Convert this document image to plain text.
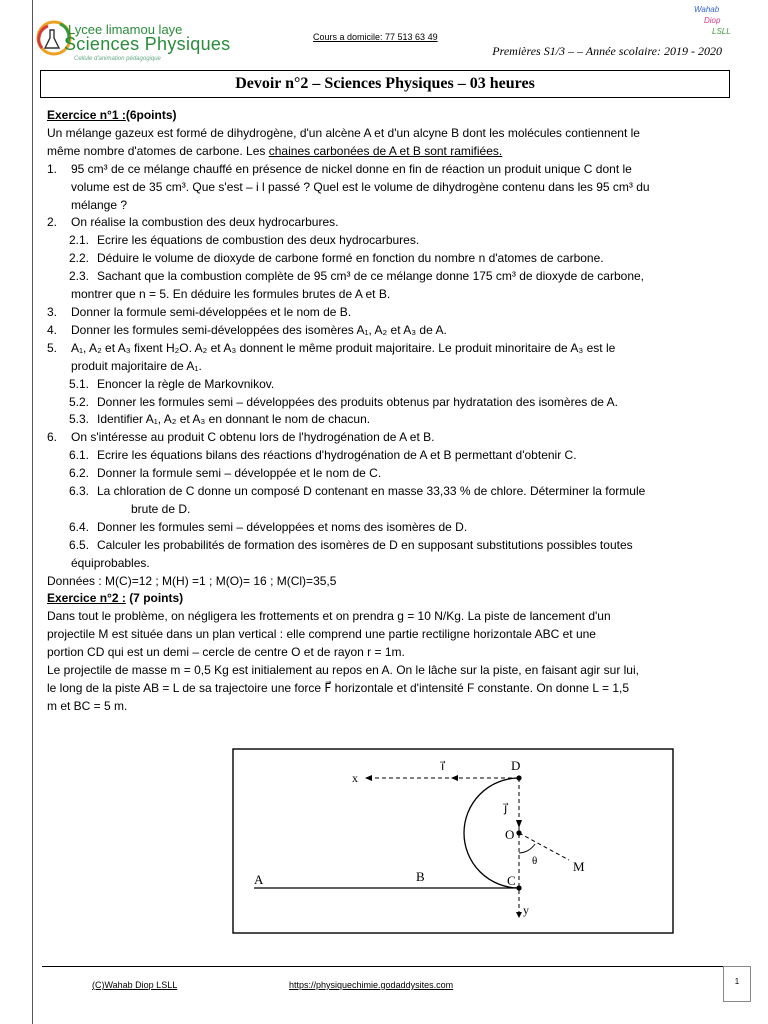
Lycee limamou laye
Sciences Physiques
Cellule d'animation pédagogique
Cours a domicile: 77 513 63 49
Wahab
Diop
LSLL
Premières S1/3 – – Année scolaire: 2019 - 2020
Devoir n°2 – Sciences Physiques – 03 heures

Exercice n°1 :(6points)

Un mélange gazeux est formé de dihydrogène, d'un alcène A et d'un alcyne B dont les molécules contiennent le

même nombre d'atomes de carbone. Les chaines carbonées de A et B sont ramifiées.

1.	95 cm³ de ce mélange chauffé en présence de nickel donne en fin de réaction un produit unique C dont le

volume est de 35 cm³. Que s'est – i l passé ? Quel est le volume de dihydrogène contenu dans les 95 cm³ du

mélange ?

2.	On réalise la combustion des deux hydrocarbures.

2.1. Ecrire les équations de combustion des deux hydrocarbures.

2.2. Déduire le volume de dioxyde de carbone formé en fonction du nombre n d'atomes de carbone.

2.3. Sachant que la combustion complète de 95 cm³ de ce mélange donne 175 cm³ de dioxyde de carbone,

montrer que n = 5. En déduire les formules brutes de A et B.

3.	Donner la formule semi-développées et le nom de B.
4.	Donner les formules semi-développées des isomères A₁, A₂ et A₃ de A.
5.	A₁, A₂ et A₃ fixent H₂O. A₂ et A₃ donnent le même produit majoritaire. Le produit minoritaire de A₃ est le

produit majoritaire de A₁.

5.1. Enoncer la règle de Markovnikov.

5.2. Donner les formules semi – développées des produits obtenus par hydratation des isomères de A.

5.3. Identifier A₁, A₂ et A₃ en donnant le nom de chacun.

6.	On s'intéresse au produit C obtenu lors de l'hydrogénation de A et B.

6.1. Ecrire les équations bilans des réactions d'hydrogénation de A et B permettant d'obtenir C.

6.2. Donner la formule semi – développée et le nom de C.

6.3. La chloration de C donne un composé D contenant en masse 33,33 % de chlore. Déterminer la formule

brute de D.

6.4. Donner les formules semi – développées et noms des isomères de D.

6.5. Calculer les probabilités de formation des isomères de D en supposant substitutions possibles toutes

équiprobables.

Données : M(C)=12 ; M(H) =1 ; M(O)= 16 ; M(Cl)=35,5

Exercice n°2 : (7 points)

Dans tout le problème, on négligera les frottements et on prendra g = 10 N/Kg. La piste de lancement d'un

projectile M est située dans un plan vertical : elle comprend une partie rectiligne horizontale ABC et une

portion CD qui est un demi – cercle de centre O et de rayon r = 1m.

Le projectile de masse m = 0,5 Kg est initialement au repos en A. On le lâche sur la piste, en faisant agir sur lui,

le long de la piste AB = L de sa trajectoire une force F⃗ horizontale et d'intensité F constante. On donne L = 1,5

m et BC = 5 m.

A	B	C
D
O
M
x
y
i⃗
j⃗
θ
(C)Wahab Diop LSLL	https://physiquechimie.godaddysites.com	1
